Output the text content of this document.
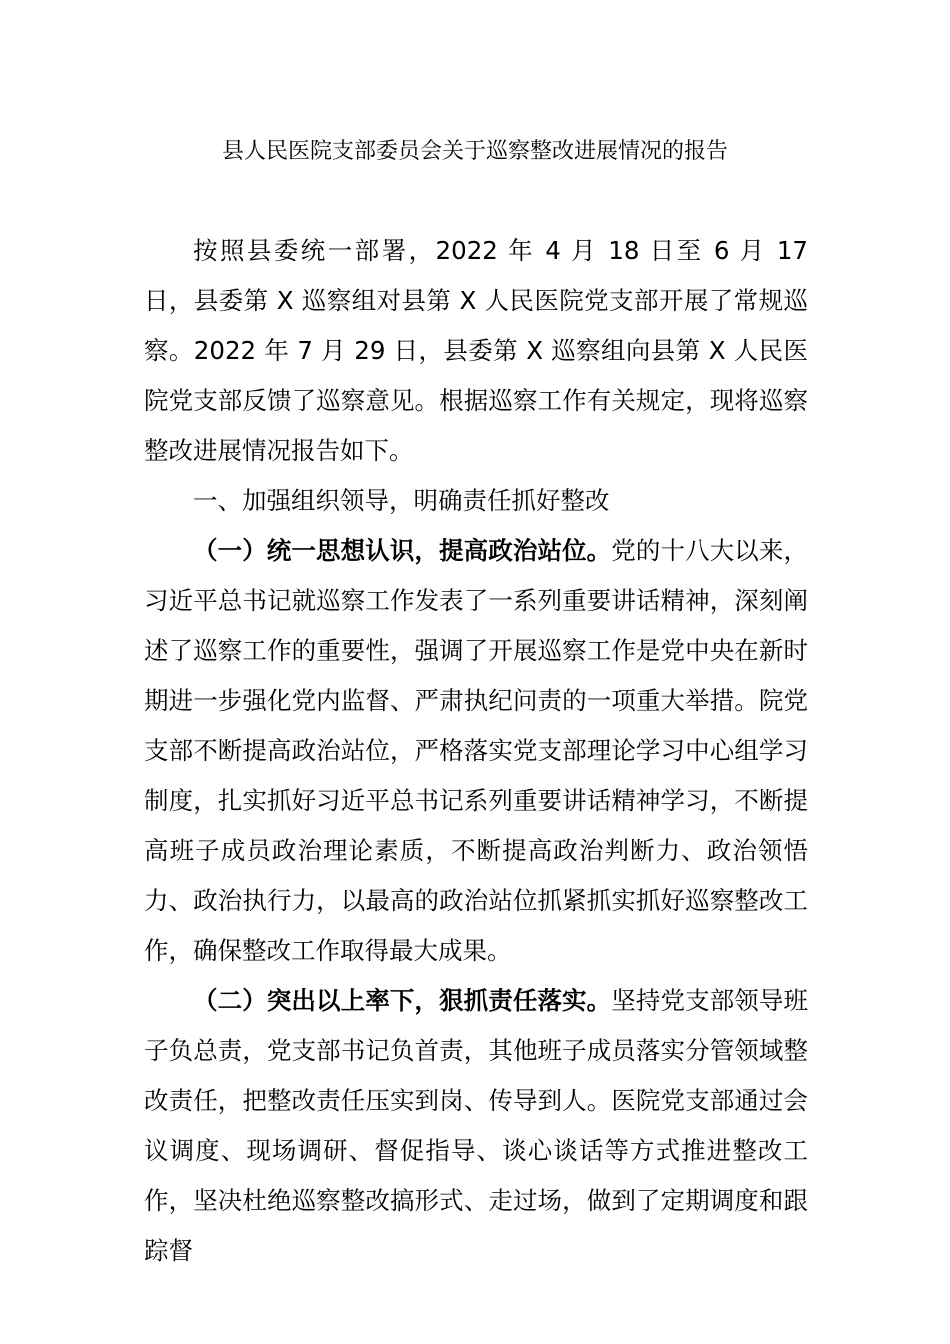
县人民医院支部委员会关于巡察整改进展情况的报告

按照县委统一部署，2022 年 4 月 18 日至 6 月 17 日，县委第 X 巡察组对县第 X 人民医院党支部开展了常规巡察。2022 年 7 月 29 日，县委第 X 巡察组向县第 X 人民医院党支部反馈了巡察意见。根据巡察工作有关规定，现将巡察整改进展情况报告如下。

一、加强组织领导，明确责任抓好整改

（一）统一思想认识，提高政治站位。党的十八大以来，习近平总书记就巡察工作发表了一系列重要讲话精神，深刻阐述了巡察工作的重要性，强调了开展巡察工作是党中央在新时期进一步强化党内监督、严肃执纪问责的一项重大举措。院党支部不断提高政治站位，严格落实党支部理论学习中心组学习制度，扎实抓好习近平总书记系列重要讲话精神学习，不断提高班子成员政治理论素质，不断提高政治判断力、政治领悟力、政治执行力，以最高的政治站位抓紧抓实抓好巡察整改工作，确保整改工作取得最大成果。

（二）突出以上率下，狠抓责任落实。坚持党支部领导班子负总责，党支部书记负首责，其他班子成员落实分管领域整改责任，把整改责任压实到岗、传导到人。医院党支部通过会议调度、现场调研、督促指导、谈心谈话等方式推进整改工作，坚决杜绝巡察整改搞形式、走过场，做到了定期调度和跟踪督
